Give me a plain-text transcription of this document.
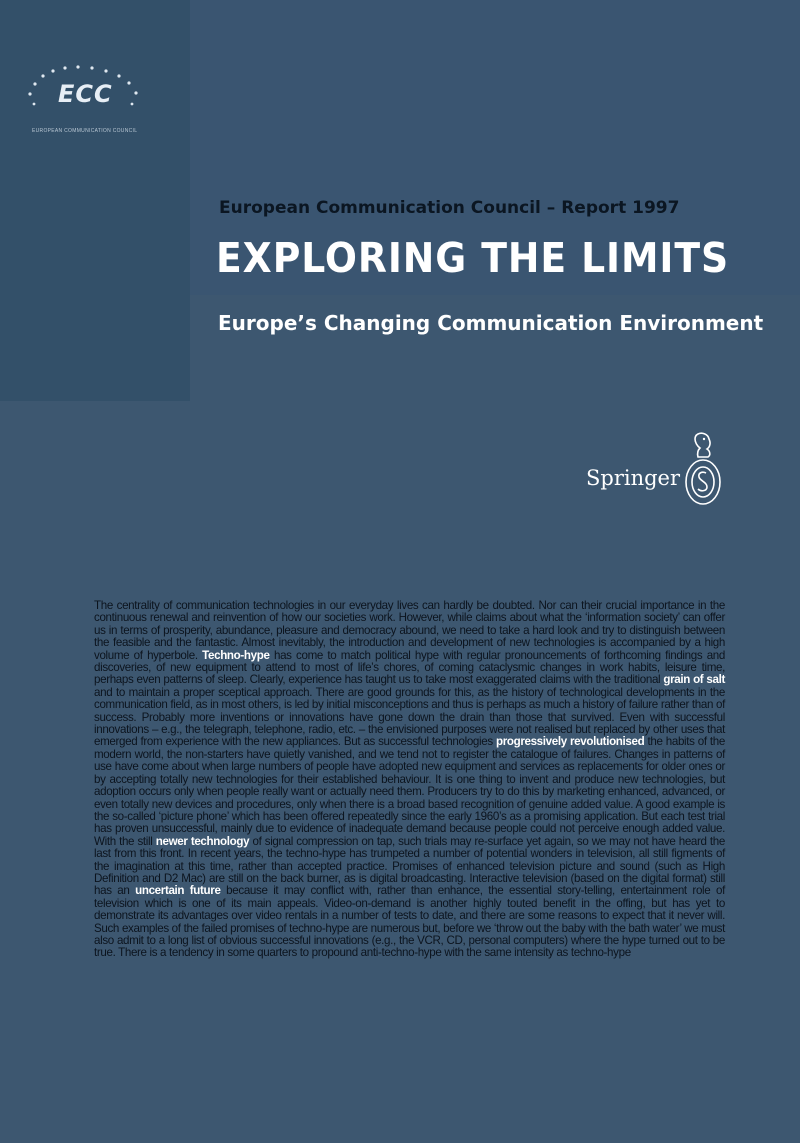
ECC
EUROPEAN COMMUNICATION COUNCIL
European Communication Council – Report 1997
EXPLORING THE LIMITS
Europe’s Changing Communication Environment
Springer
The centrality of communication technologies in our everyday lives can hardly be doubted. Nor can their crucial importance in the continuous renewal and reinvention of how our societies work. However, while claims about what the ‘information society’ can offer us in terms of prosperity, abundance, pleasure and democracy abound, we need to take a hard look and try to distinguish between the feasible and the fantastic. Almost inevitably, the introduction and development of new technologies is accompanied by a high volume of hyperbole. Techno-hype has come to match political hype with regular pronouncements of forthcoming findings and discoveries, of new equipment to attend to most of life’s chores, of coming cataclysmic changes in work habits, leisure time, perhaps even patterns of sleep. Clearly, experience has taught us to take most exaggerated claims with the traditional grain of salt and to maintain a proper sceptical approach. There are good grounds for this, as the history of technological developments in the communication field, as in most others, is led by initial misconceptions and thus is perhaps as much a history of failure rather than of success. Probably more inventions or innovations have gone down the drain than those that survived. Even with successful innovations – e.g., the telegraph, telephone, radio, etc. – the envisioned purposes were not realised but replaced by other uses that emerged from experience with the new appliances. But as successful technologies progressively revolutionised the habits of the modern world, the non-starters have quietly vanished, and we tend not to register the catalogue of failures. Changes in patterns of use have come about when large numbers of people have adopted new equipment and services as replacements for older ones or by accepting totally new technologies for their established behaviour. It is one thing to invent and produce new technologies, but adoption occurs only when people really want or actually need them. Producers try to do this by marketing enhanced, advanced, or even totally new devices and procedures, only when there is a broad based recognition of genuine added value. A good example is the so-called ‘picture phone’ which has been offered repeatedly since the early 1960’s as a promising application. But each test trial has proven unsuccessful, mainly due to evidence of inadequate demand because people could not perceive enough added value. With the still newer technology of signal compression on tap, such trials may re-surface yet again, so we may not have heard the last from this front. In recent years, the techno-hype has trumpeted a number of potential wonders in television, all still figments of the imagination at this time, rather than accepted practice. Promises of enhanced television picture and sound (such as High Definition and D2 Mac) are still on the back burner, as is digital broadcasting. Interactive television (based on the digital format) still has an uncertain future because it may conflict with, rather than enhance, the essential story-telling, entertainment role of television which is one of its main appeals. Video-on-demand is another highly touted benefit in the offing, but has yet to demonstrate its advantages over video rentals in a number of tests to date, and there are some reasons to expect that it never will. Such examples of the failed promises of techno-hype are numerous but, before we ‘throw out the baby with the bath water’ we must also admit to a long list of obvious successful innovations (e.g., the VCR, CD, personal computers) where the hype turned out to be true. There is a tendency in some quarters to propound anti-techno-hype with the same intensity as techno-hype
